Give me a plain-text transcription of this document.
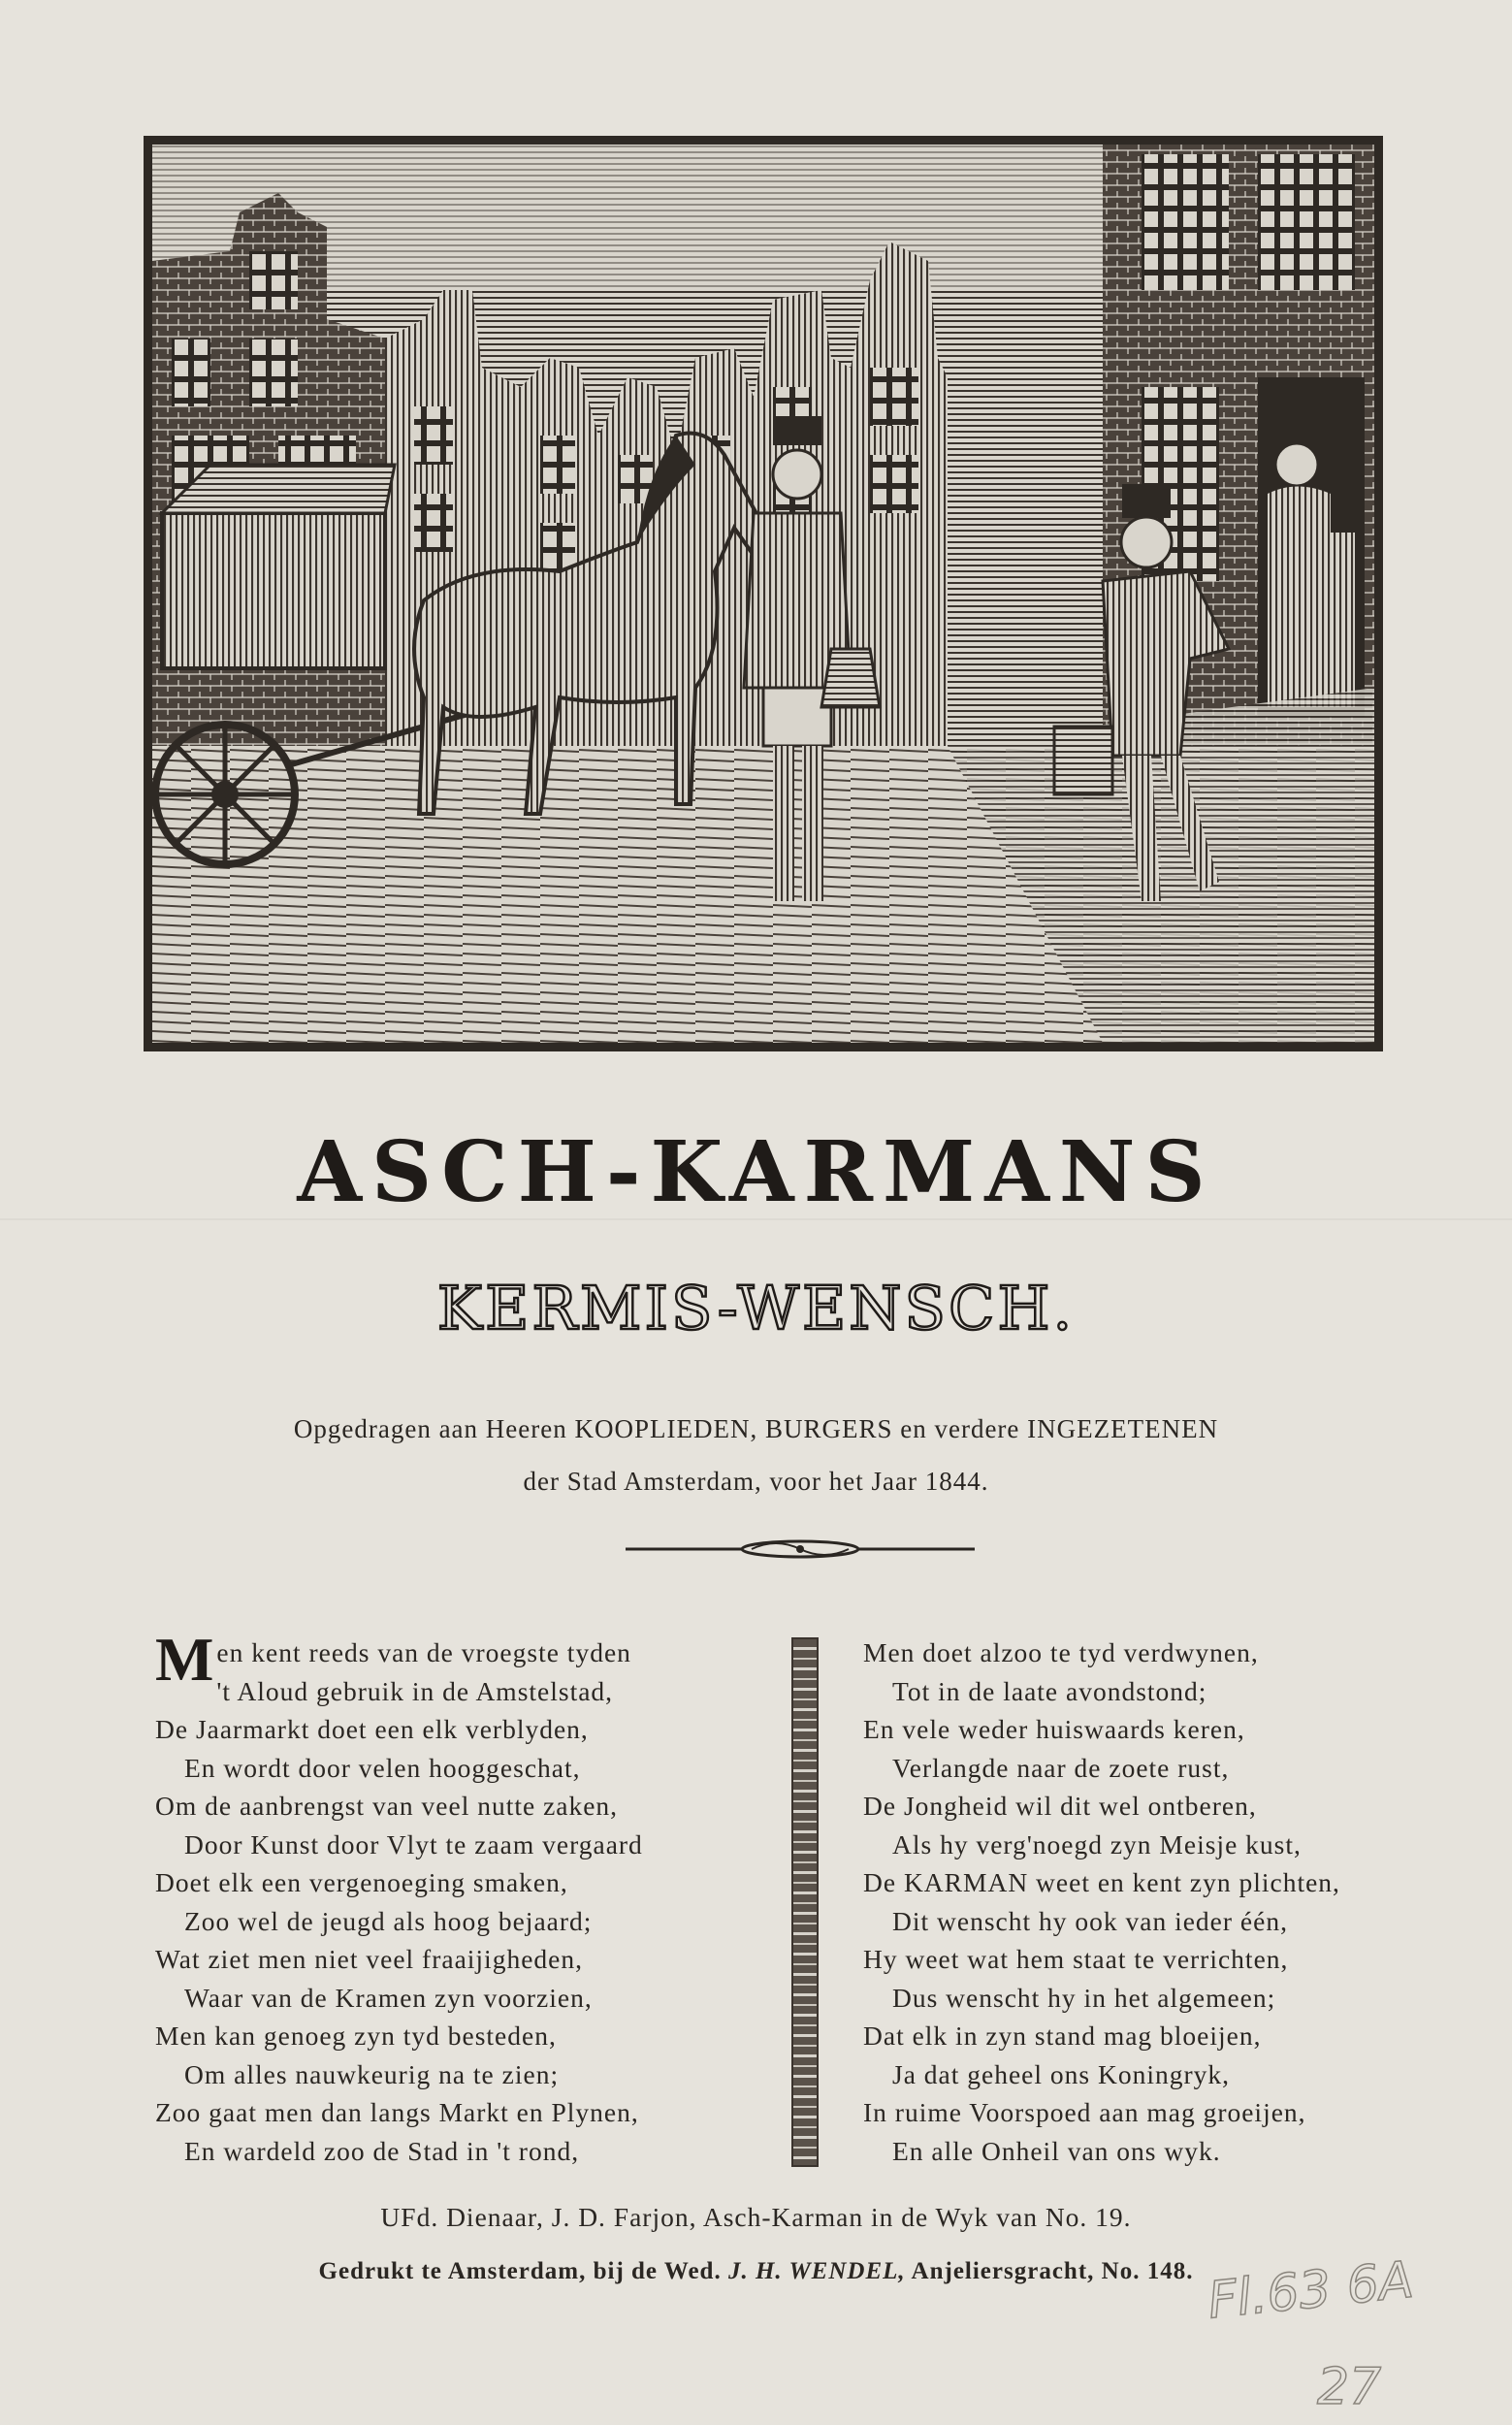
ASCH-KARMANS
KERMIS-WENSCH.
Opgedragen aan Heeren KOOPLIEDEN, BURGERS en verdere INGEZETENEN
der Stad Amsterdam, voor het Jaar 1844.
Men kent reeds van de vroegste tyden
't Aloud gebruik in de Amstelstad,
De Jaarmarkt doet een elk verblyden,
En wordt door velen hooggeschat,
Om de aanbrengst van veel nutte zaken,
Door Kunst door Vlyt te zaam vergaard
Doet elk een vergenoeging smaken,
Zoo wel de jeugd als hoog bejaard;
Wat ziet men niet veel fraaijigheden,
Waar van de Kramen zyn voorzien,
Men kan genoeg zyn tyd besteden,
Om alles nauwkeurig na te zien;
Zoo gaat men dan langs Markt en Plynen,
En wardeld zoo de Stad in 't rond,
Men doet alzoo te tyd verdwynen,
Tot in de laate avondstond;
En vele weder huiswaards keren,
Verlangde naar de zoete rust,
De Jongheid wil dit wel ontberen,
Als hy verg'noegd zyn Meisje kust,
De KARMAN weet en kent zyn plichten,
Dit wenscht hy ook van ieder één,
Hy weet wat hem staat te verrichten,
Dus wenscht hy in het algemeen;
Dat elk in zyn stand mag bloeijen,
Ja dat geheel ons Koningryk,
In ruime Voorspoed aan mag groeijen,
En alle Onheil van ons wyk.

UFd. Dienaar, J. D. Farjon, Asch-Karman in de Wyk van No. 19.

Gedrukt te Amsterdam, bij de Wed. J. H. WENDEL, Anjeliersgracht, No. 148. Fl.63 6A
27
